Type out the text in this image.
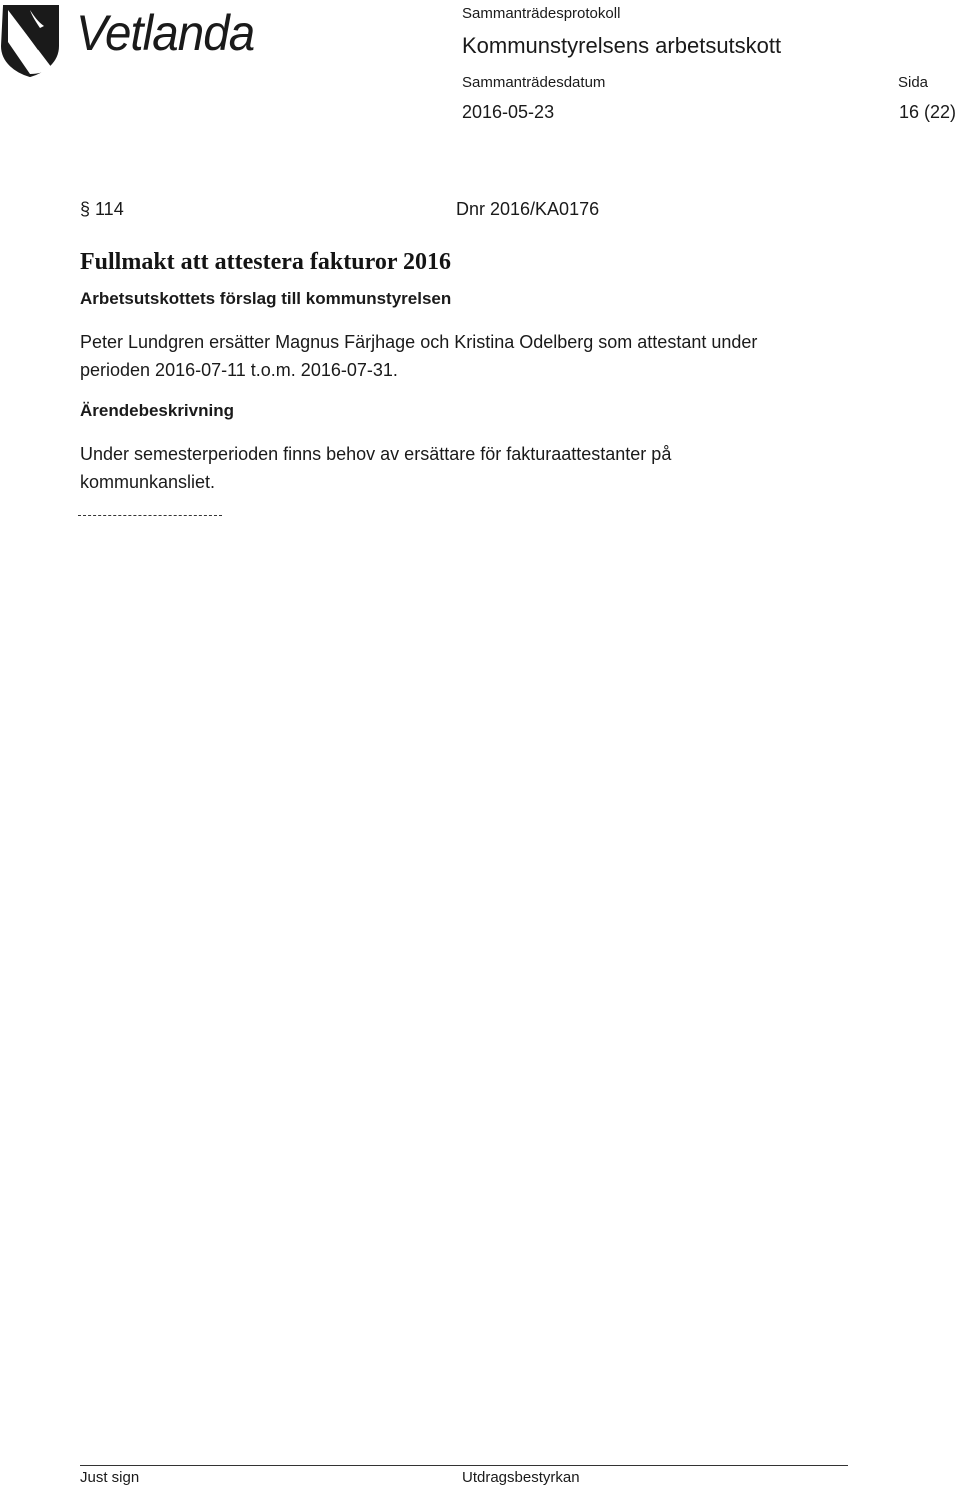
Vetlanda	Sammanträdesprotokoll
Kommunstyrelsens arbetsutskott
Sammanträdesdatum	Sida
2016-05-23	16 (22)
§ 114	Dnr 2016/KA0176
Fullmakt att attestera fakturor 2016
Arbetsutskottets förslag till kommunstyrelsen
Peter Lundgren ersätter Magnus Färjhage och Kristina Odelberg som attestant under
perioden 2016-07-11 t.o.m. 2016-07-31.
Ärendebeskrivning
Under semesterperioden finns behov av ersättare för fakturaattestanter på
kommunkansliet.
Just sign	Utdragsbestyrkan
